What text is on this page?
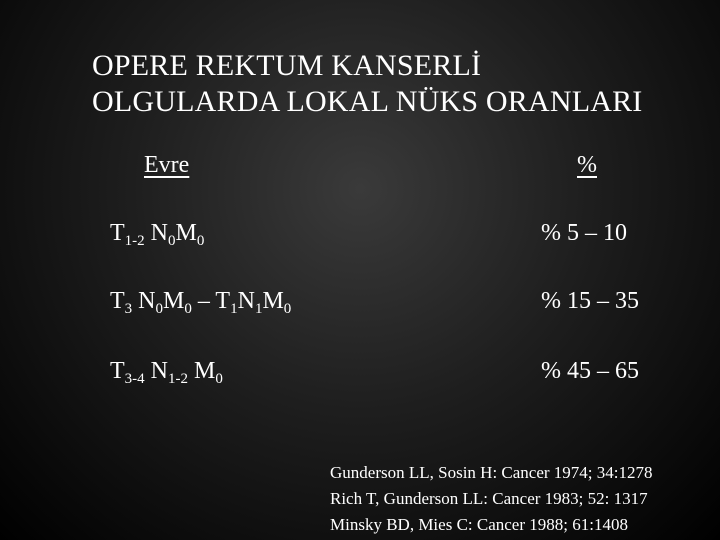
OPERE REKTUM KANSERLİ
OLGULARDA LOKAL NÜKS ORANLARI
Evre	%
$T_{1-2}$ $N_0M_0$	% 5 – 10
$T_3$ $N_0M_0 - T_1N_1M_0$	% 15 – 35
$T_{3-4}$ $N_{1-2}$ $M_0$	% 45 – 65
Gunderson LL, Sosin H: Cancer 1974; 34:1278
Rich T, Gunderson LL: Cancer 1983; 52: 1317
Minsky BD, Mies C: Cancer 1988; 61:1408
